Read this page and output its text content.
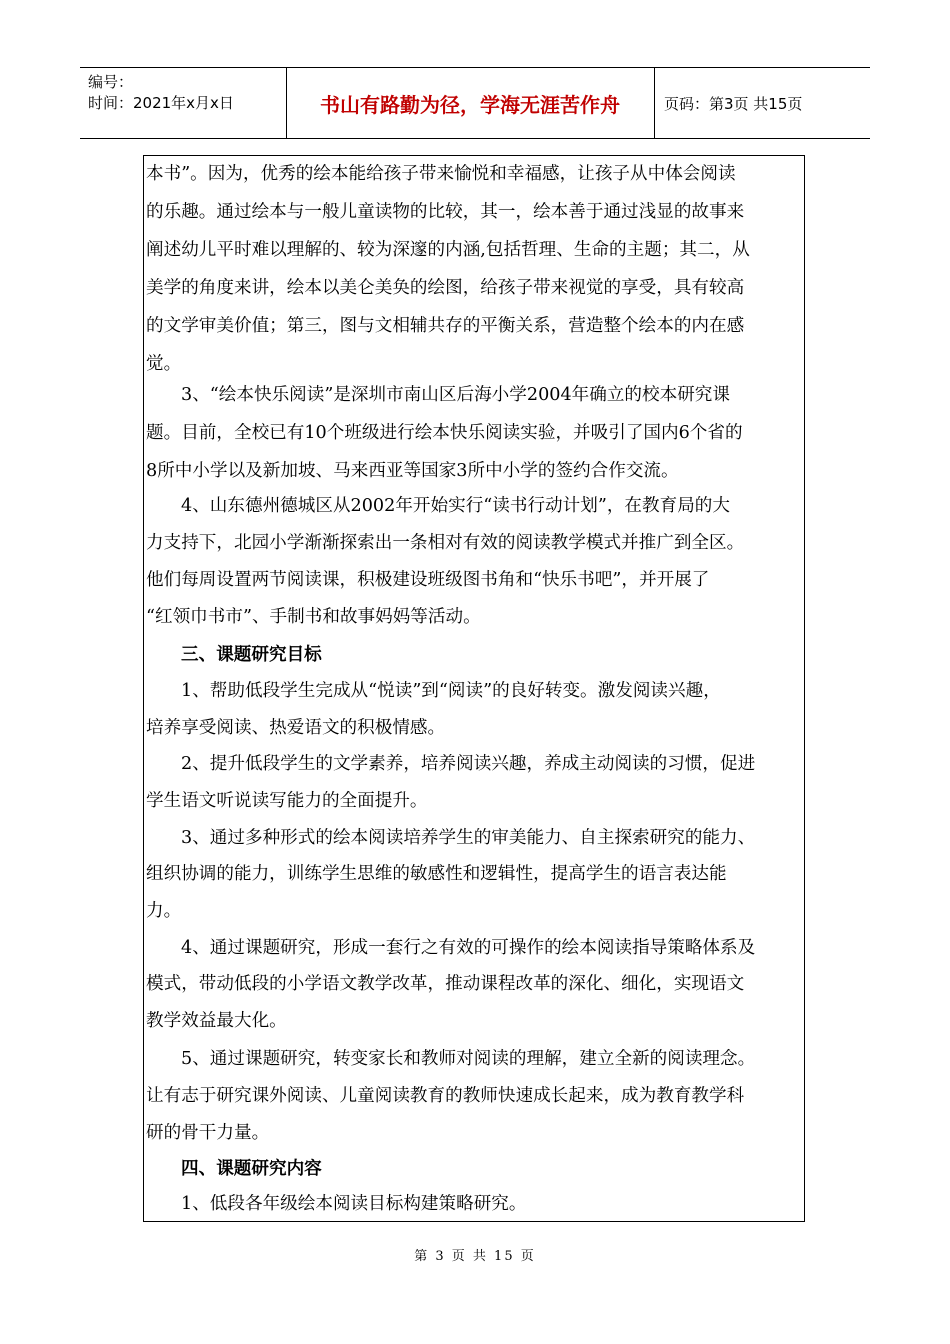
编号：
时间：2021年x月x日	书山有路勤为径，学海无涯苦作舟	页码：第3页 共15页
本书”。因为，优秀的绘本能给孩子带来愉悦和幸福感，让孩子从中体会阅读
的乐趣。通过绘本与一般儿童读物的比较，其一，绘本善于通过浅显的故事来
阐述幼儿平时难以理解的、较为深邃的内涵,包括哲理、生命的主题；其二，从
美学的角度来讲，绘本以美仑美奂的绘图，给孩子带来视觉的享受，具有较高
的文学审美价值；第三，图与文相辅共存的平衡关系，营造整个绘本的内在感
觉。
3、“绘本快乐阅读”是深圳市南山区后海小学2004年确立的校本研究课
题。目前，全校已有10个班级进行绘本快乐阅读实验，并吸引了国内6个省的
8所中小学以及新加坡、马来西亚等国家3所中小学的签约合作交流。
4、山东德州德城区从2002年开始实行“读书行动计划”，在教育局的大
力支持下，北园小学渐渐探索出一条相对有效的阅读教学模式并推广到全区。
他们每周设置两节阅读课，积极建设班级图书角和“快乐书吧”，并开展了
“红领巾书市”、手制书和故事妈妈等活动。
三、课题研究目标
1、帮助低段学生完成从“悦读”到“阅读”的良好转变。激发阅读兴趣，
培养享受阅读、热爱语文的积极情感。
2、提升低段学生的文学素养，培养阅读兴趣，养成主动阅读的习惯，促进
学生语文听说读写能力的全面提升。
3、通过多种形式的绘本阅读培养学生的审美能力、自主探索研究的能力、
组织协调的能力，训练学生思维的敏感性和逻辑性，提高学生的语言表达能
力。
4、通过课题研究，形成一套行之有效的可操作的绘本阅读指导策略体系及
模式，带动低段的小学语文教学改革，推动课程改革的深化、细化，实现语文
教学效益最大化。
5、通过课题研究，转变家长和教师对阅读的理解，建立全新的阅读理念。
让有志于研究课外阅读、儿童阅读教育的教师快速成长起来，成为教育教学科
研的骨干力量。
四、课题研究内容
1、低段各年级绘本阅读目标构建策略研究。
第 3 页 共 15 页
